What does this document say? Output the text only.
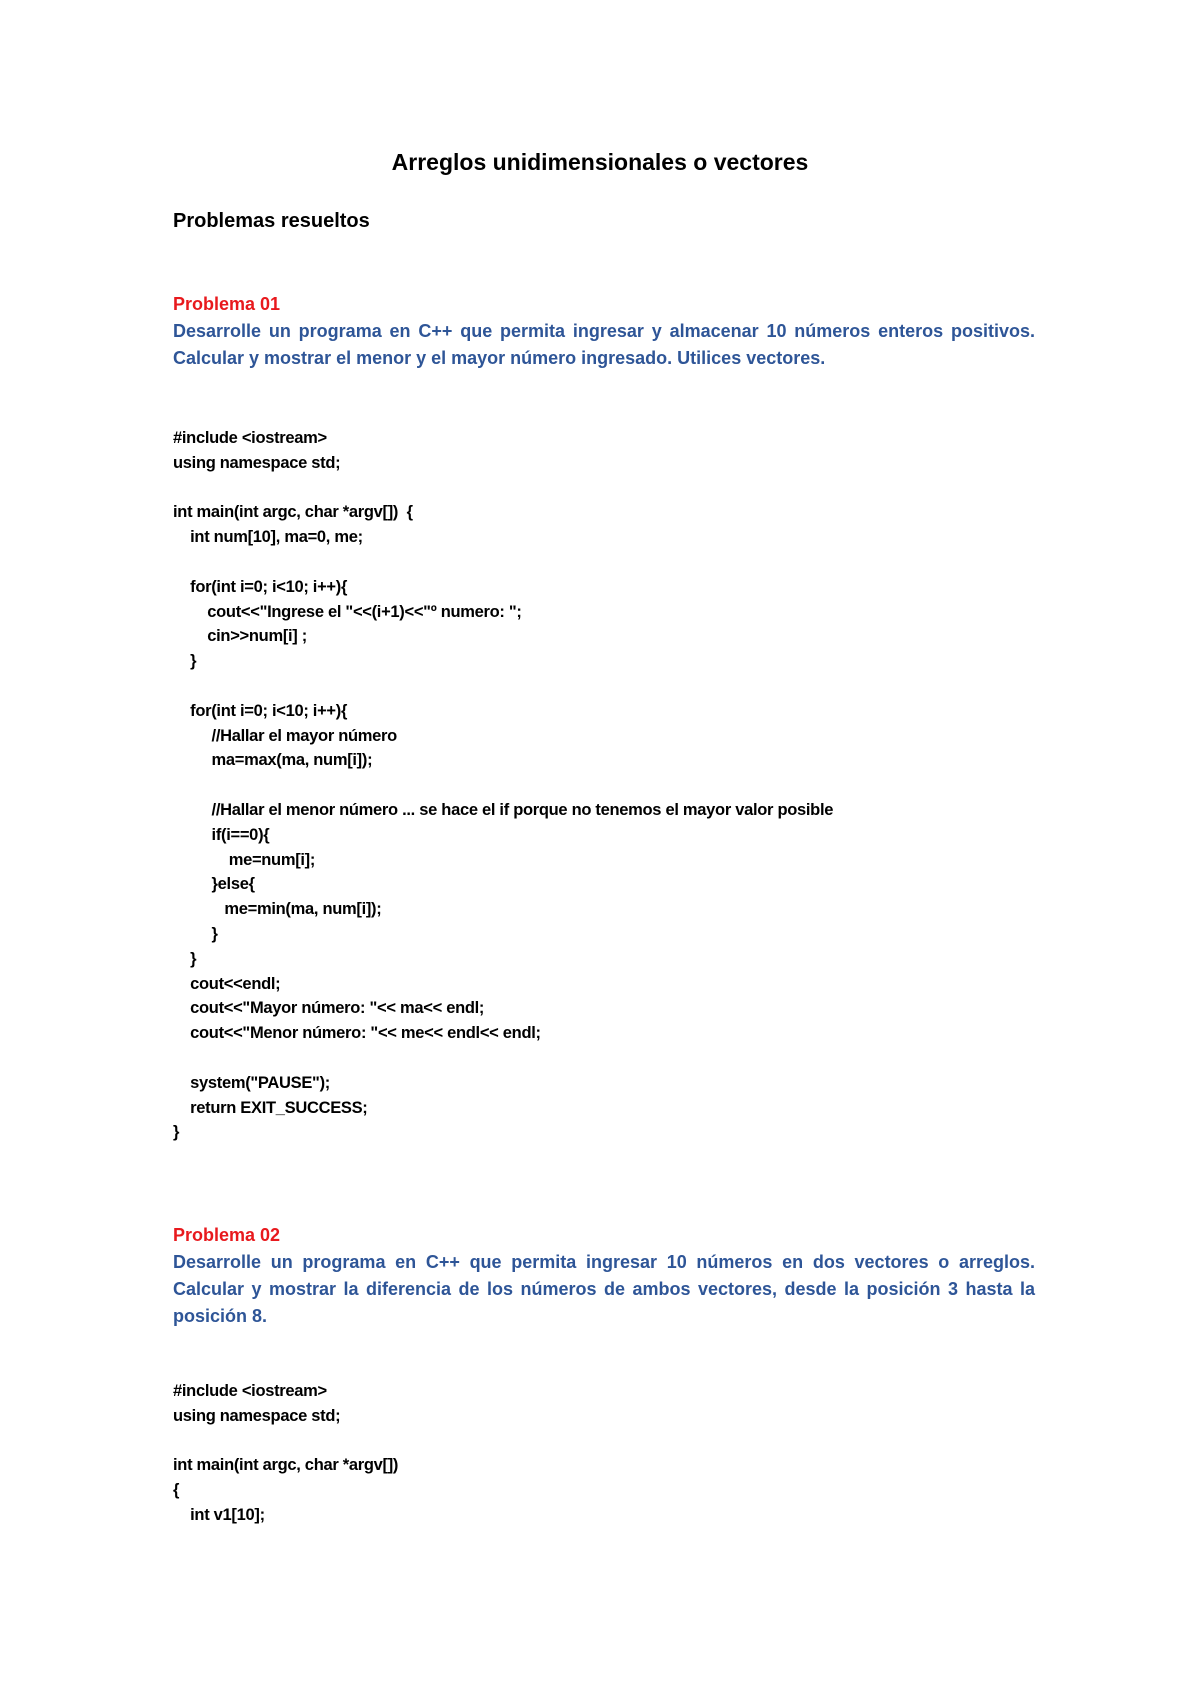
Arreglos unidimensionales o vectores
Problemas resueltos
Problema 01

Desarrolle un programa en C++ que permita ingresar y almacenar 10 números enteros positivos. Calcular y mostrar el menor y el mayor número ingresado. Utilices vectores.

#include <iostream>
using namespace std;
int main(int argc, char *argv[])  {
int num[10], ma=0, me;
for(int i=0; i<10; i++){
cout<<"Ingrese el "<<(i+1)<<"º numero: ";
cin>>num[i] ;
}
for(int i=0; i<10; i++){
//Hallar el mayor número
ma=max(ma, num[i]);
//Hallar el menor número ... se hace el if porque no tenemos el mayor valor posible
if(i==0){
me=num[i];
}else{
me=min(ma, num[i]);
}
}
cout<<endl;
cout<<"Mayor número: "<< ma<< endl;
cout<<"Menor número: "<< me<< endl<< endl;
system("PAUSE");
return EXIT_SUCCESS;
}
Problema 02

Desarrolle un programa en C++ que permita ingresar 10 números en dos vectores o arreglos. Calcular y mostrar la diferencia de los números de ambos vectores, desde la posición 3 hasta la posición 8.

#include <iostream>
using namespace std;
int main(int argc, char *argv[])
{
int v1[10];
